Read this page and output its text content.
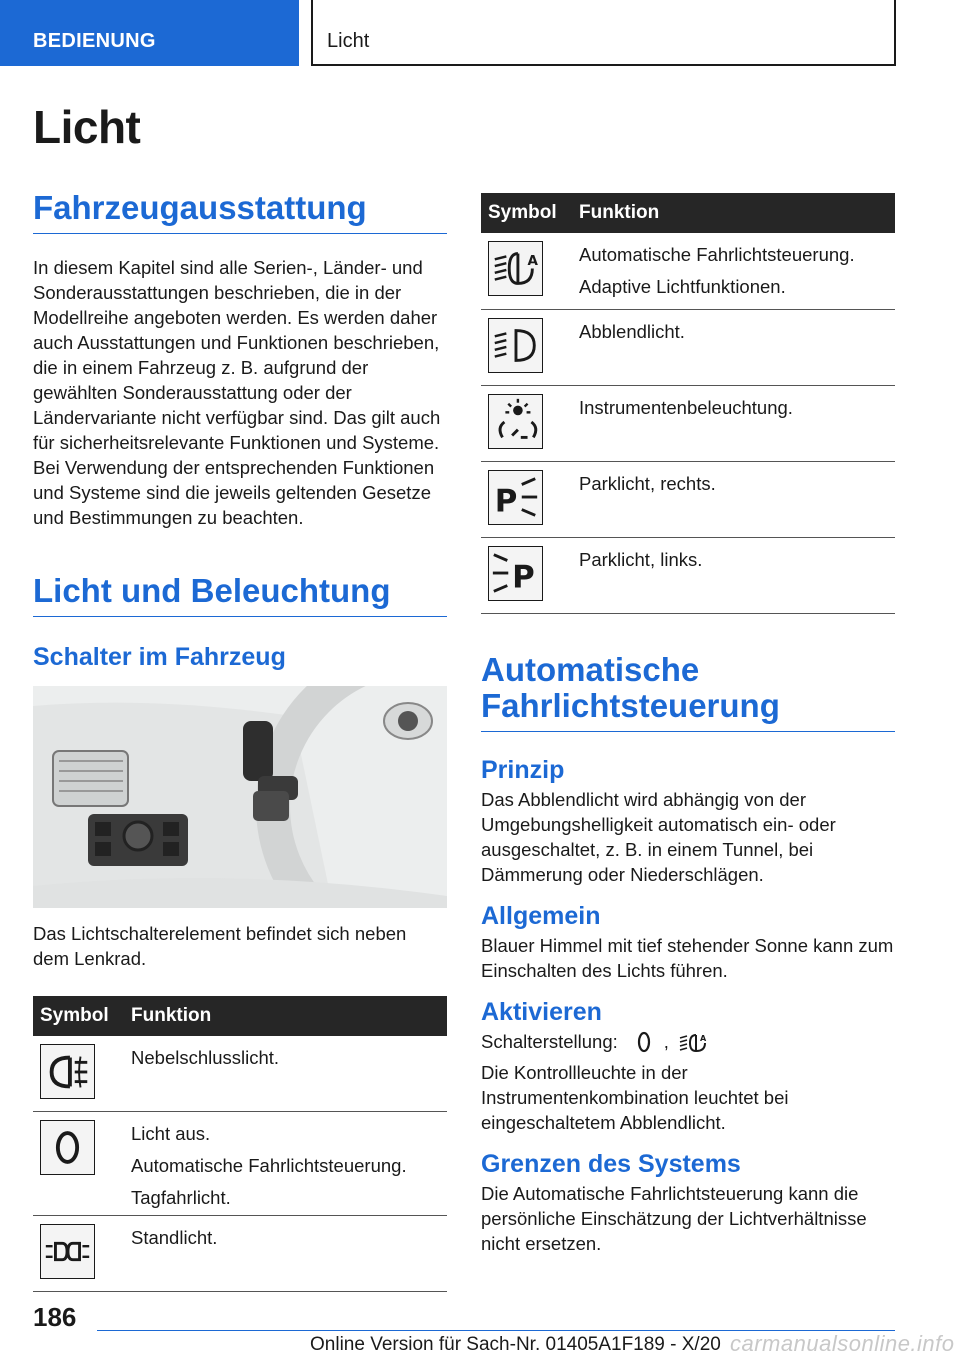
BEDIENUNG	Licht
Licht
Fahrzeugausstattung

In diesem Kapitel sind alle Serien-, Länder- und Sonderausstattungen beschrieben, die in der Modellreihe angeboten werden. Es werden daher auch Ausstattungen und Funktionen beschrieben, die in einem Fahrzeug z. B. aufgrund der gewählten Sonderausstattung oder der Ländervariante nicht verfügbar sind. Das gilt auch für sicherheitsrelevante Funktionen und Systeme. Bei Verwendung der entsprechenden Funktionen und Systeme sind die jeweils geltenden Gesetze und Bestimmungen zu beachten.

Licht und Beleuchtung
Schalter im Fahrzeug

Das Lichtschalterelement befindet sich neben dem Lenkrad.

Symbol	Funktion

Nebelschlusslicht.

Licht aus.
Automatische Fahrlichtsteuerung.
Tagfahrlicht.

Standlicht.
Symbol	Funktion

A	Automatische Fahrlichtsteuerung.
Adaptive Lichtfunktionen.

Abblendlicht.

Instrumentenbeleuchtung.

P	Parklicht, rechts.

P	Parklicht, links.
Automatische Fahrlichtsteuerung
Prinzip

Das Abblendlicht wird abhängig von der Umgebungshelligkeit automatisch ein- oder ausgeschaltet, z. B. in einem Tunnel, bei Dämmerung oder Niederschlägen.

Allgemein

Blauer Himmel mit tief stehender Sonne kann zum Einschalten des Lichts führen.

Aktivieren

Schalterstellung: ,	A

Die Kontrollleuchte in der Instrumentenkombination leuchtet bei eingeschaltetem Abblendlicht.

Grenzen des Systems

Die Automatische Fahrlichtsteuerung kann die persönliche Einschätzung der Lichtverhältnisse nicht ersetzen.

186
Online Version für Sach-Nr. 01405A1F189 - X/20 carmanualsonline.info
